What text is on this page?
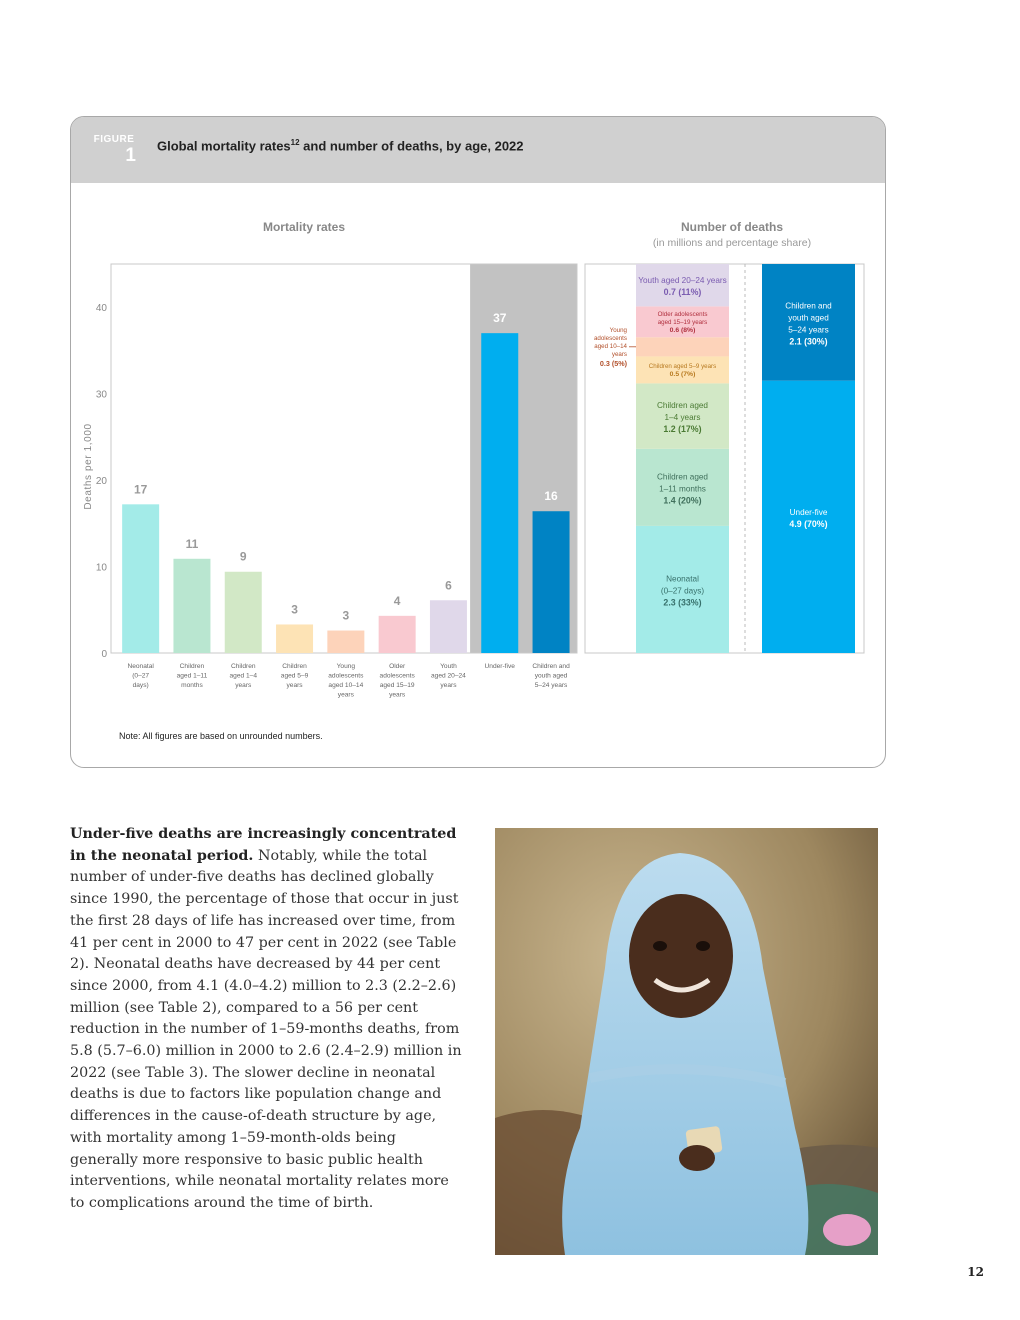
FIGURE
1 Global mortality rates$^{12}$ and number of deaths, by age, 2022
Mortality rates
0
10
20
30
40
Deaths per 1,000	17
Neonatal
(0–27
days)
11
Children
aged 1–11
months
9
Children
aged 1–4
years
3
Children
aged 5–9
years
3
Young
adolescents
aged 10–14
years
4
Older
adolescents
aged 15–19
years
6
Youth
aged 20–24
years
37
Under-five
16
Children and
youth aged
5–24 years
Number of deaths
(in millions and percentage share)
Neonatal
(0–27 days)
2.3 (33%)
Children aged
1–11 months
1.4 (20%)
Children aged
1–4 years
1.2 (17%)
Children aged 5–9 years
0.5 (7%)
Older adolescents
aged 15–19 years
0.6 (8%)
Youth aged 20–24 years
0.7 (11%)
Under-five
4.9 (70%)
Children and
youth aged
5–24 years
2.1 (30%)
Young
adolescents
aged 10–14
years
0.3 (5%)
Note: All figures are based on unrounded numbers.

Under-five deaths are increasingly concentrated in the neonatal period. Notably, while the total number of under-five deaths has declined globally since 1990, the percentage of those that occur in just the first 28 days of life has increased over time, from 41 per cent in 2000 to 47 per cent in 2022 (see Table 2). Neonatal deaths have decreased by 44 per cent since 2000, from 4.1 (4.0–4.2) million to 2.3 (2.2–2.6) million (see Table 2), compared to a 56 per cent reduction in the number of 1–59-months deaths, from 5.8 (5.7–6.0) million in 2000 to 2.6 (2.4–2.9) million in 2022 (see Table 3). The slower decline in neonatal deaths is due to factors like population change and differences in the cause-of-death structure by age, with mortality among 1–59-month-olds being generally more responsive to basic public health interventions, while neonatal mortality relates more to complications around the time of birth.

12
